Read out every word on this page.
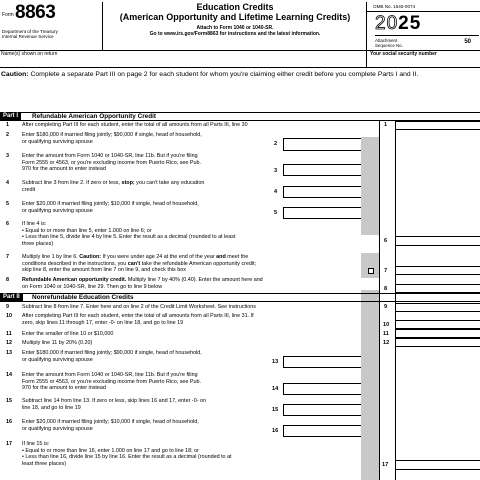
Form 8863
Department of the Treasury
Internal Revenue Service
Education Credits
(American Opportunity and Lifetime Learning Credits)
Attach to Form 1040 or 1040-SR.
Go to www.irs.gov/Form8863 for instructions and the latest information.
OMB No. 1545-0074
2025
Attachment
Sequence No.
50
Name(s) shown on return	Your social security number
Caution: Complete a separate Part III on page 2 for each student for whom you're claiming either credit before you complete Parts I and II.
Part I	Refundable American Opportunity Credit
1 After completing Part III for each student, enter the total of all amounts from all Parts III, line 30	1
2 Enter $180,000 if married filing jointly; $90,000 if single, head of household,
or qualifying surviving spouse	2
3 Enter the amount from Form 1040 or 1040-SR, line 11b. But if you're filing
Form 2555 or 4563, or you're excluding income from Puerto Rico, see Pub.
970 for the amount to enter instead	3
4 Subtract line 3 from line 2. If zero or less, stop; you can't take any education
credit	4
5 Enter $20,000 if married filing jointly; $10,000 if single, head of household,
or qualifying surviving spouse	5
6 If line 4 is:
• Equal to or more than line 5, enter 1.000 on line 6; or
• Less than line 5, divide line 4 by line 5. Enter the result as a decimal (rounded to at least
three places)	6
7 Multiply line 1 by line 6. Caution: If you were under age 24 at the end of the year and meet the
conditions described in the instructions, you can't take the refundable American opportunity credit;
skip line 8, enter the amount from line 7 on line 9, and check this box	7
8 Refundable American opportunity credit. Multiply line 7 by 40% (0.40). Enter the amount here and
on Form 1040 or 1040-SR, line 29. Then go to line 9 below	8
Part II	Nonrefundable Education Credits
9 Subtract line 8 from line 7. Enter here and on line 2 of the Credit Limit Worksheet. See instructions	9
10 After completing Part III for each student, enter the total of all amounts from all Parts III, line 31. If
zero, skip lines 11 through 17, enter -0- on line 18, and go to line 19	10
11 Enter the smaller of line 10 or $10,000	11
12 Multiply line 11 by 20% (0.20)	12
13 Enter $180,000 if married filing jointly; $90,000 if single, head of household,
or qualifying surviving spouse	13
14 Enter the amount from Form 1040 or 1040-SR, line 11b. But if you're filing
Form 2555 or 4563, or you're excluding income from Puerto Rico, see Pub.
970 for the amount to enter instead	14
15 Subtract line 14 from line 13. If zero or less, skip lines 16 and 17, enter -0- on
line 18, and go to line 19	15
16 Enter $20,000 if married filing jointly; $10,000 if single, head of household,
or qualifying surviving spouse	16
17 If line 15 is:
• Equal to or more than line 16, enter 1.000 on line 17 and go to line 18; or
• Less than line 16, divide line 15 by line 16. Enter the result as a decimal (rounded to at
least three places)	17
